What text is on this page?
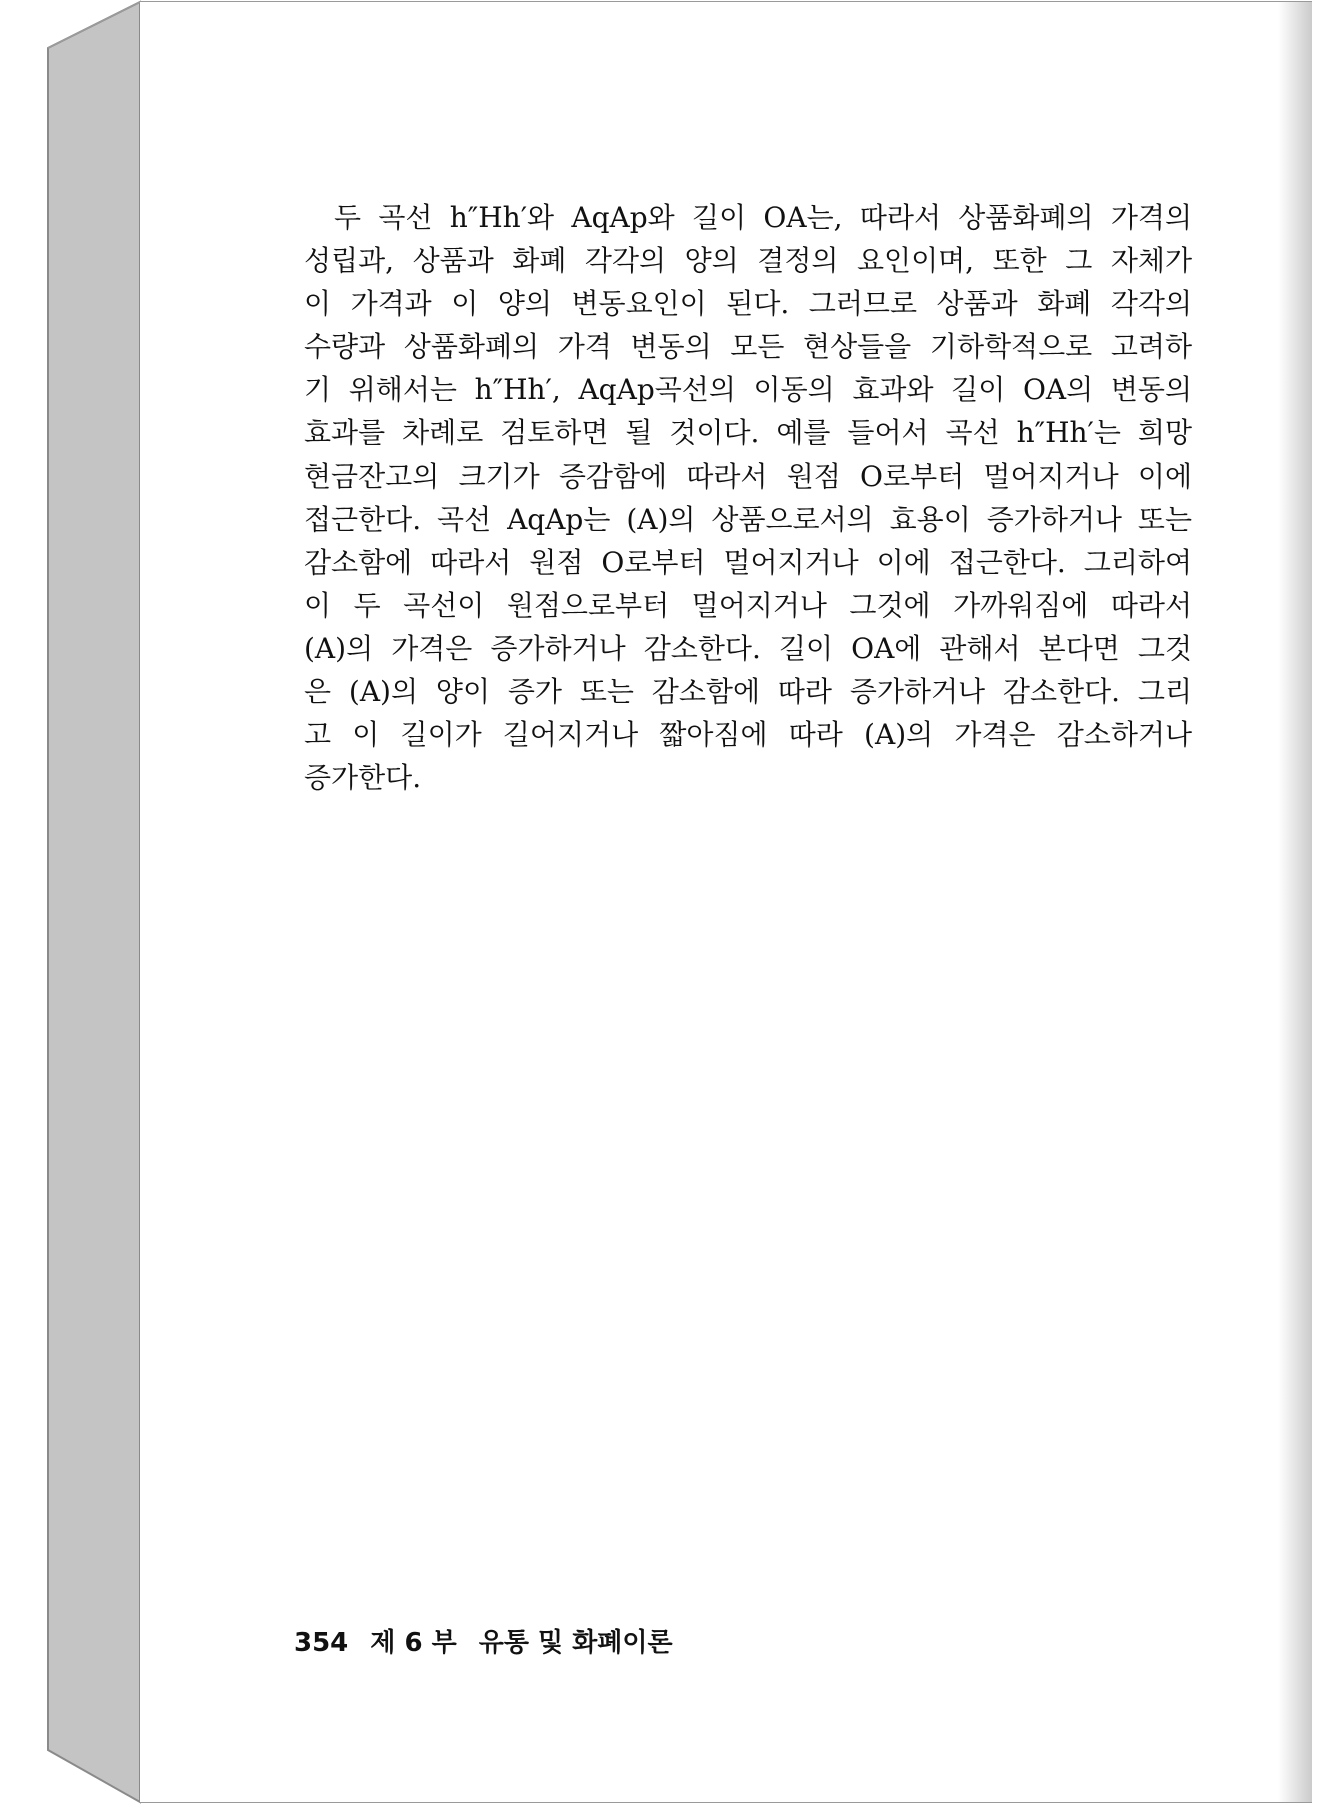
두 곡선 h″Hh′와 AqAp와 길이 OA는, 따라서 상품화폐의 가격의
성립과, 상품과 화폐 각각의 양의 결정의 요인이며, 또한 그 자체가
이 가격과 이 양의 변동요인이 된다. 그러므로 상품과 화폐 각각의
수량과 상품화폐의 가격 변동의 모든 현상들을 기하학적으로 고려하
기 위해서는 h″Hh′, AqAp곡선의 이동의 효과와 길이 OA의 변동의
효과를 차례로 검토하면 될 것이다. 예를 들어서 곡선 h″Hh′는 희망
현금잔고의 크기가 증감함에 따라서 원점 O로부터 멀어지거나 이에
접근한다. 곡선 AqAp는 (A)의 상품으로서의 효용이 증가하거나 또는
감소함에 따라서 원점 O로부터 멀어지거나 이에 접근한다. 그리하여
이 두 곡선이 원점으로부터 멀어지거나 그것에 가까워짐에 따라서
(A)의 가격은 증가하거나 감소한다. 길이 OA에 관해서 본다면 그것
은 (A)의 양이 증가 또는 감소함에 따라 증가하거나 감소한다. 그리
고 이 길이가 길어지거나 짧아짐에 따라 (A)의 가격은 감소하거나
증가한다.
354 제 6 부 유통 및 화폐이론
